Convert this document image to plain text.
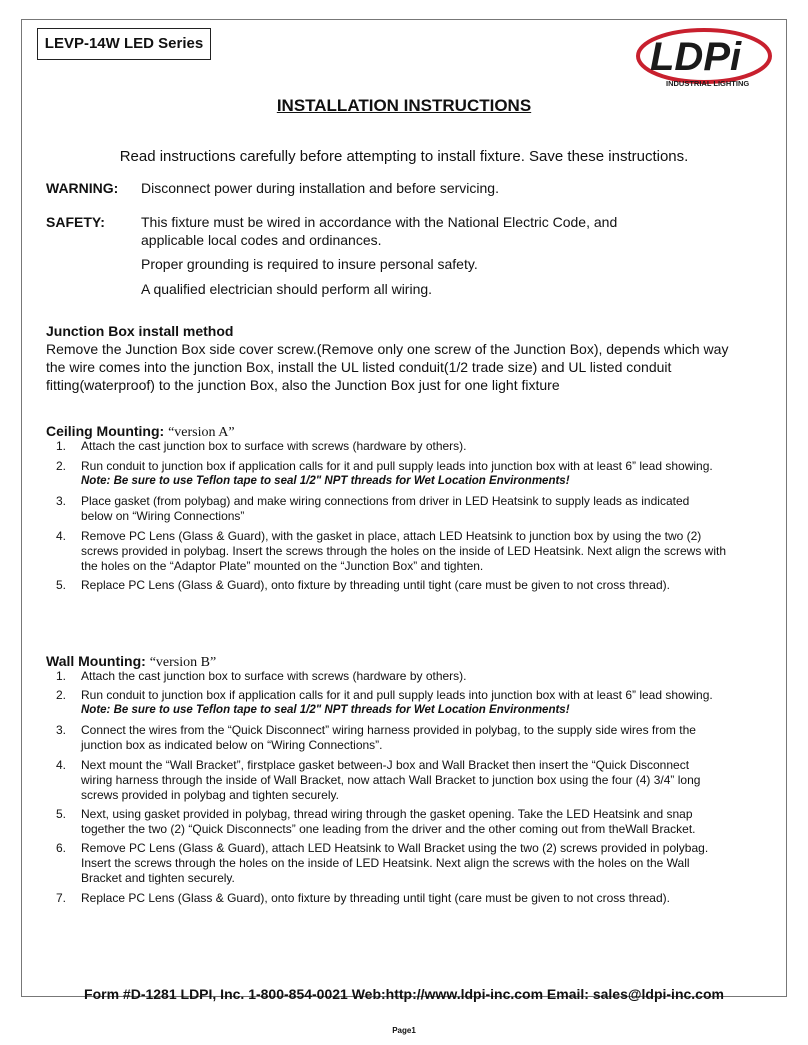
LEVP-14W LED Series	LDPi
INDUSTRIAL LIGHTING
INSTALLATION INSTRUCTIONS
Read instructions carefully before attempting to install fixture. Save these instructions.
WARNING: Disconnect power during installation and before servicing.
SAFETY:	This fixture must be wired in accordance with the National Electric Code, and
applicable local codes and ordinances.
Proper grounding is required to insure personal safety.
A qualified electrician should perform all wiring.
Junction Box install method
Remove the Junction Box side cover screw.(Remove only one screw of the Junction Box), depends which way
the wire comes into the junction Box, install the UL listed conduit(1/2 trade size) and UL listed conduit
fitting(waterproof) to the junction Box, also the Junction Box just for one light fixture
Ceiling Mounting: “version A”
1. Attach the cast junction box to surface with screws (hardware by others).
2. Run conduit to junction box if application calls for it and pull supply leads into junction box with at least 6” lead showing.
Note: Be sure to use Teflon tape to seal 1/2" NPT threads for Wet Location Environments!
3. Place gasket (from polybag) and make wiring connections from driver in LED Heatsink to supply leads as indicated
below on “Wiring Connections”
4. Remove PC Lens (Glass & Guard), with the gasket in place, attach LED Heatsink to junction box by using the two (2)
screws provided in polybag. Insert the screws through the holes on the inside of LED Heatsink. Next align the screws with
the holes on the “Adaptor Plate” mounted on the “Junction Box” and tighten.
5. Replace PC Lens (Glass & Guard), onto fixture by threading until tight (care must be given to not cross thread).
Wall Mounting: “version B”
1. Attach the cast junction box to surface with screws (hardware by others).
2. Run conduit to junction box if application calls for it and pull supply leads into junction box with at least 6” lead showing.
Note: Be sure to use Teflon tape to seal 1/2" NPT threads for Wet Location Environments!
3. Connect the wires from the “Quick Disconnect” wiring harness provided in polybag, to the supply side wires from the
junction box as indicated below on “Wiring Connections”.
4. Next mount the “Wall Bracket”, firstplace gasket between-J box and Wall Bracket then insert the “Quick Disconnect
wiring harness through the inside of Wall Bracket, now attach Wall Bracket to junction box using the four (4) 3/4” long
screws provided in polybag and tighten securely.
5. Next, using gasket provided in polybag, thread wiring through the gasket opening. Take the LED Heatsink and snap
together the two (2) “Quick Disconnects” one leading from the driver and the other coming out from theWall Bracket.
6. Remove PC Lens (Glass & Guard), attach LED Heatsink to Wall Bracket using the two (2) screws provided in polybag.
Insert the screws through the holes on the inside of LED Heatsink. Next align the screws with the holes on the Wall
Bracket and tighten securely.
7. Replace PC Lens (Glass & Guard), onto fixture by threading until tight (care must be given to not cross thread).
Form #D-1281 LDPI, Inc. 1-800-854-0021 Web:http://www.ldpi-inc.com Email: sales@ldpi-inc.com
Page1
